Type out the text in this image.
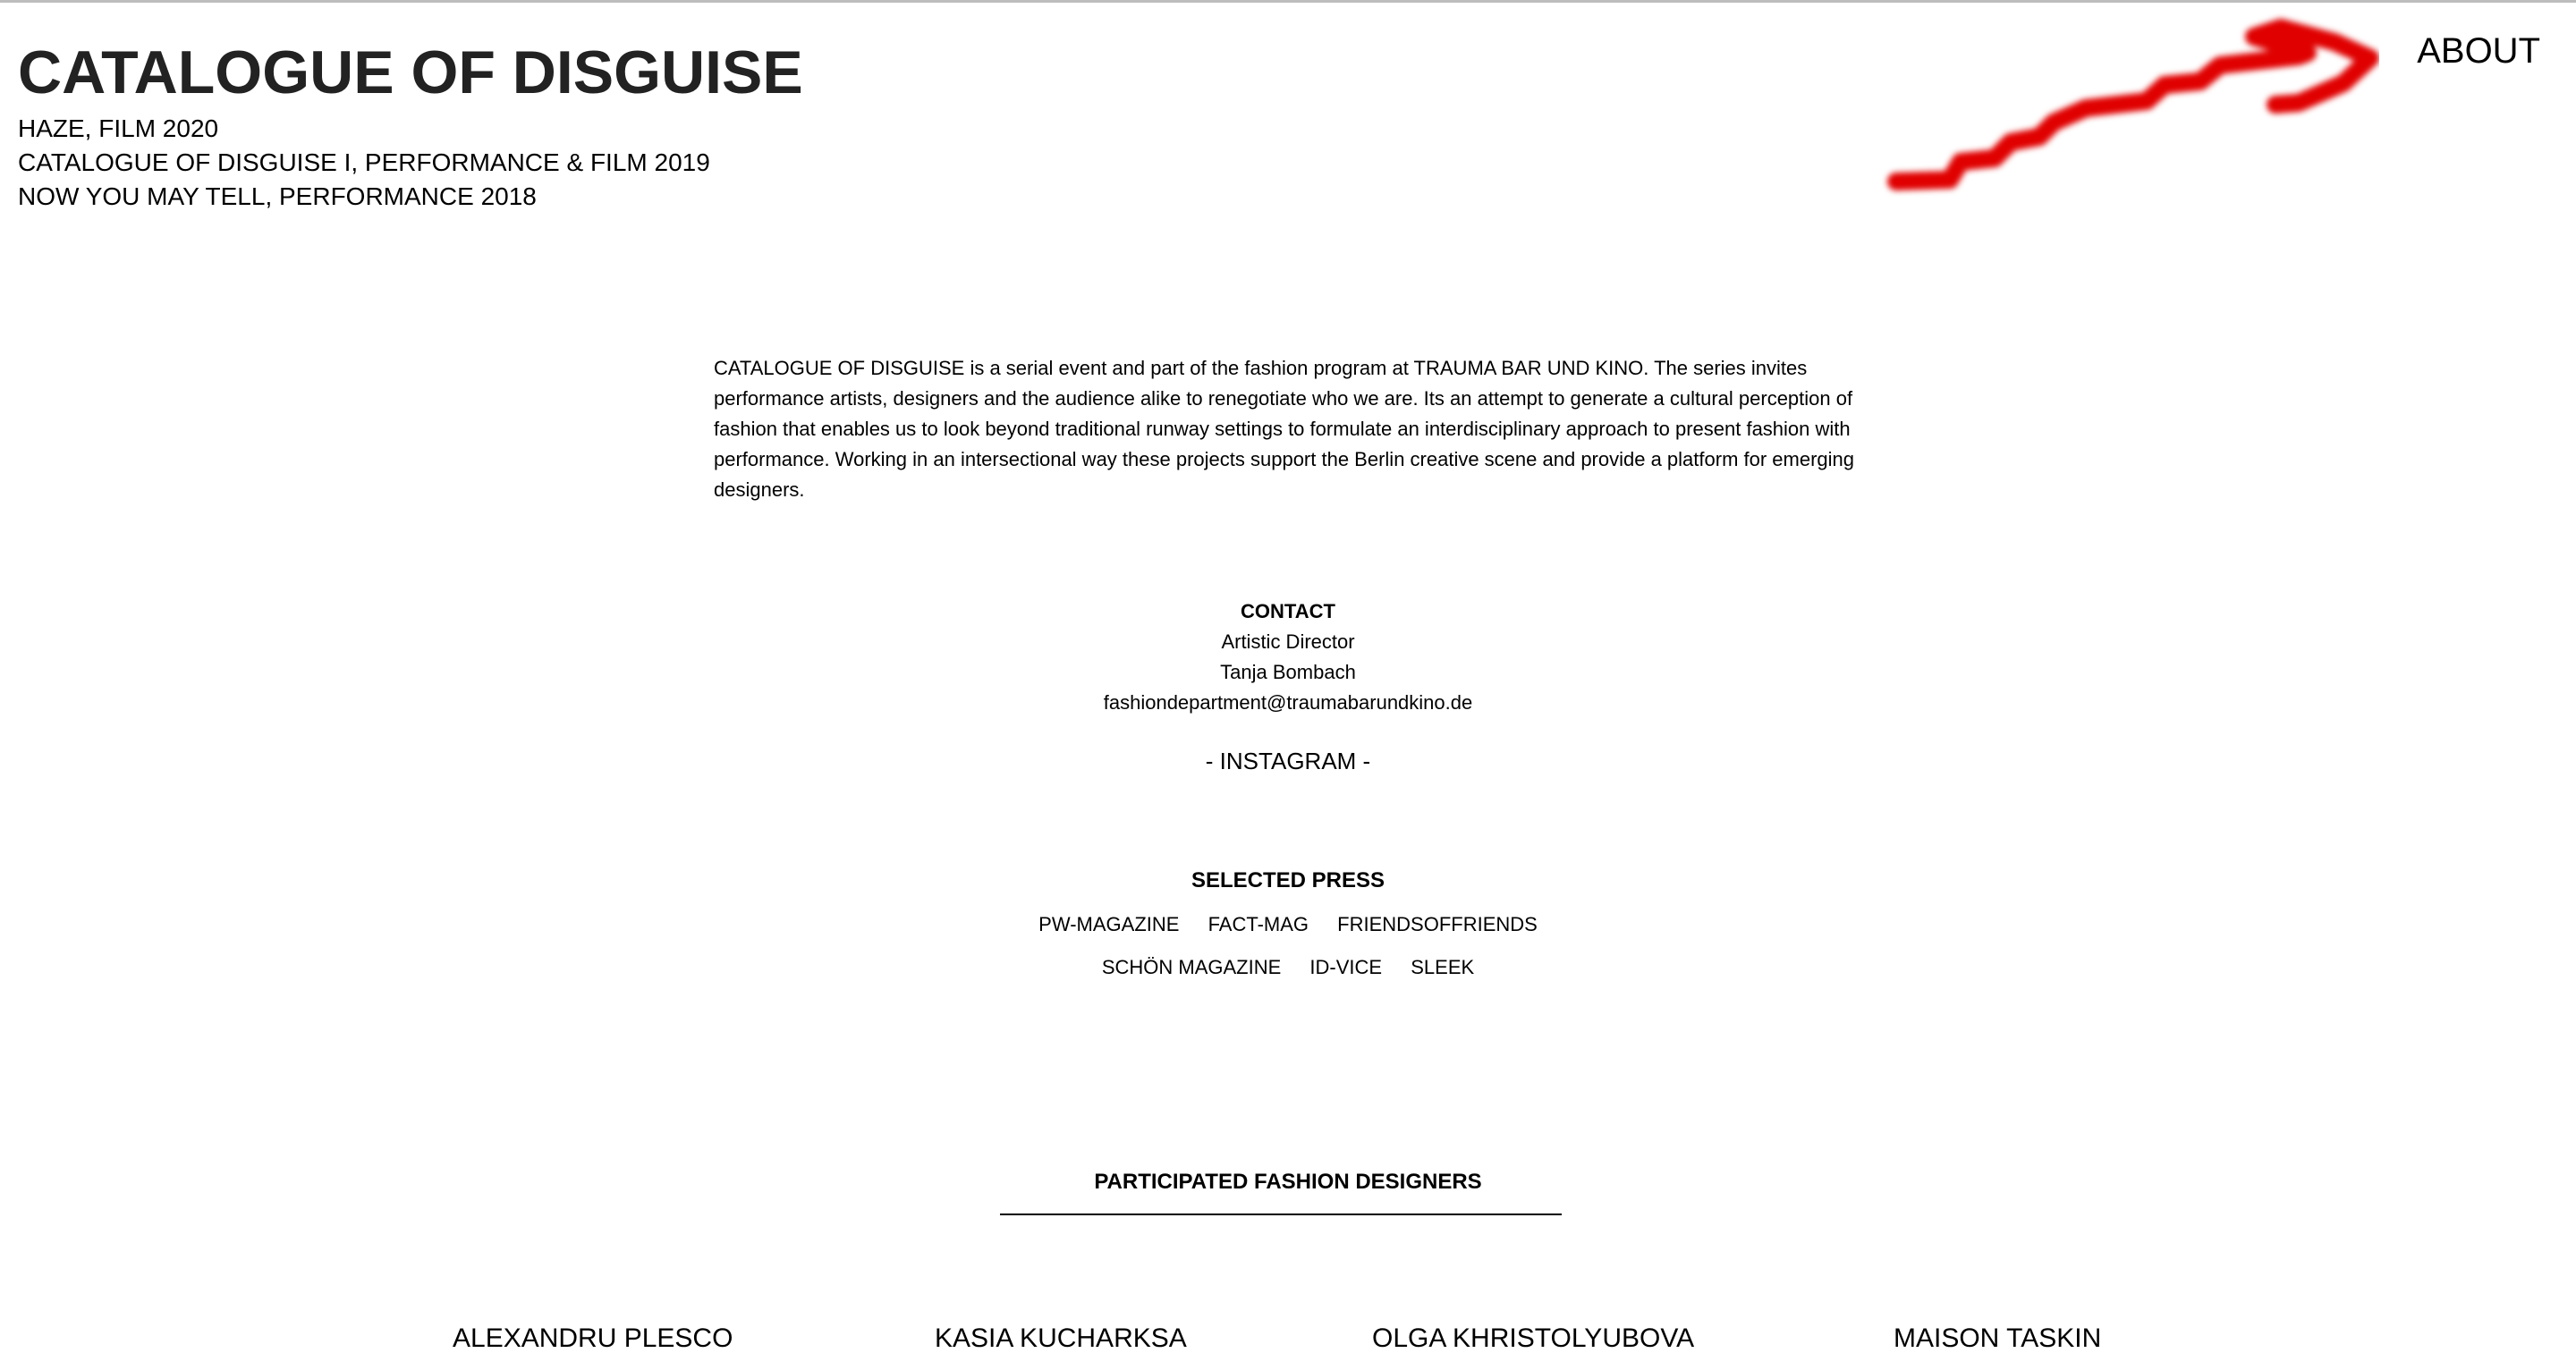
CATALOGUE OF DISGUISE
HAZE, FILM 2020
CATALOGUE OF DISGUISE I, PERFORMANCE & FILM 2019
NOW YOU MAY TELL, PERFORMANCE 2018
ABOUT

CATALOGUE OF DISGUISE is a serial event and part of the fashion program at TRAUMA BAR UND KINO. The series invites performance artists, designers and the audience alike to renegotiate who we are. Its an attempt to generate a cultural perception of fashion that enables us to look beyond traditional runway settings to formulate an interdisciplinary approach to present fashion with performance. Working in an intersectional way these projects support the Berlin creative scene and provide a platform for emerging designers.

CONTACT
Artistic Director
Tanja Bombach
fashiondepartment@traumabarundkino.de
- INSTAGRAM -
SELECTED PRESS
PW-MAGAZINE FACT-MAG FRIENDSOFFRIENDS
SCHÖN MAGAZINE ID-VICE SLEEK
PARTICIPATED FASHION DESIGNERS
ALEXANDRU PLESCO	KASIA KUCHARKSA	OLGA KHRISTOLYUBOVA	MAISON TASKIN
